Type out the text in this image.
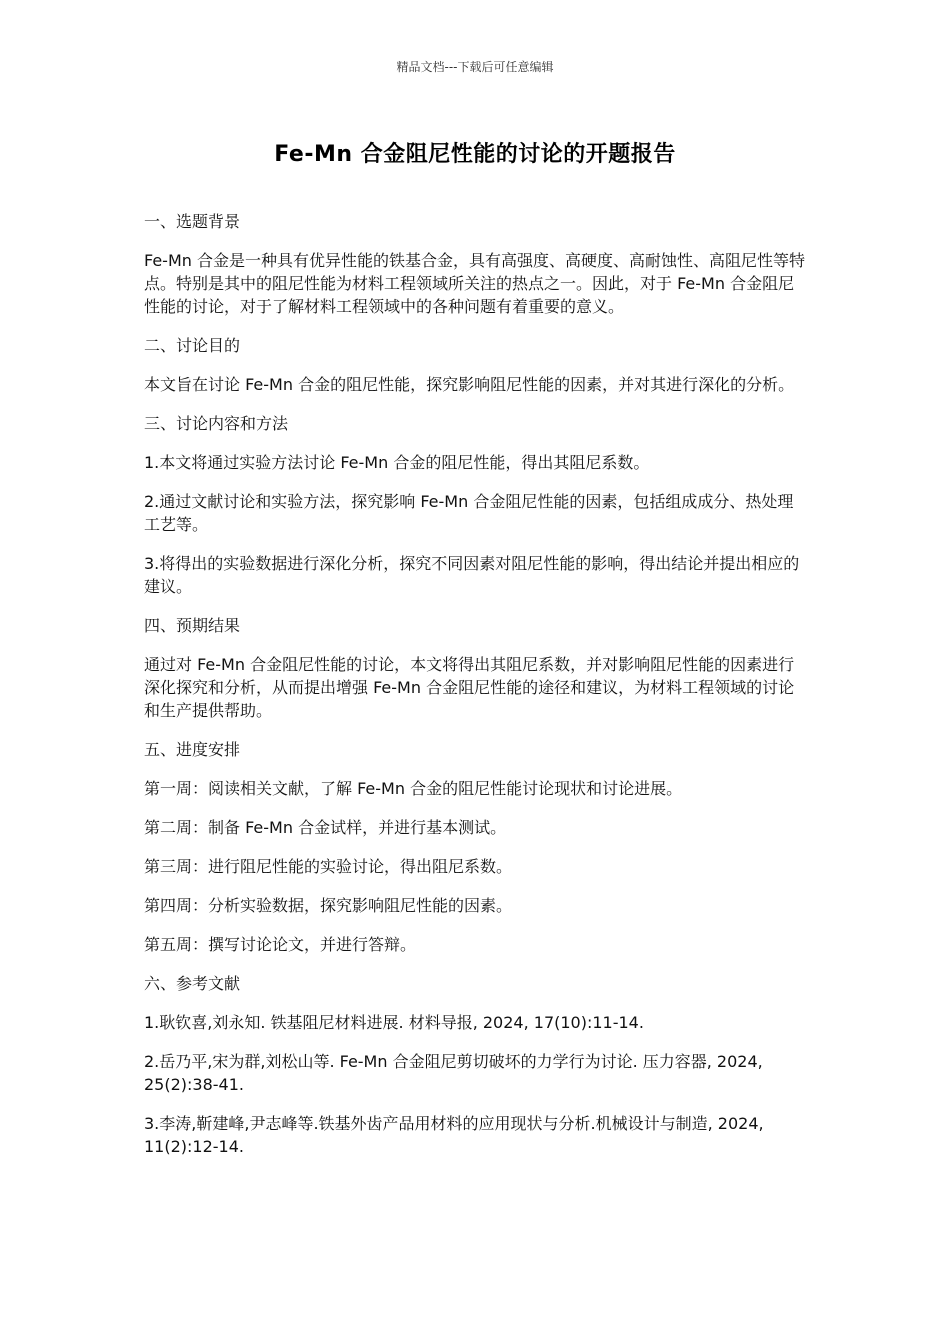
精品文档---下载后可任意编辑
Fe-Mn 合金阻尼性能的讨论的开题报告

一、选题背景

Fe-Mn 合金是一种具有优异性能的铁基合金，具有高强度、高硬度、高耐蚀性、高阻尼性等特点。特别是其中的阻尼性能为材料工程领域所关注的热点之一。因此，对于 Fe-Mn 合金阻尼性能的讨论，对于了解材料工程领域中的各种问题有着重要的意义。

二、讨论目的

本文旨在讨论 Fe-Mn 合金的阻尼性能，探究影响阻尼性能的因素，并对其进行深化的分析。

三、讨论内容和方法

1.本文将通过实验方法讨论 Fe-Mn 合金的阻尼性能，得出其阻尼系数。

2.通过文献讨论和实验方法，探究影响 Fe-Mn 合金阻尼性能的因素，包括组成成分、热处理工艺等。

3.将得出的实验数据进行深化分析，探究不同因素对阻尼性能的影响，得出结论并提出相应的建议。

四、预期结果

通过对 Fe-Mn 合金阻尼性能的讨论，本文将得出其阻尼系数，并对影响阻尼性能的因素进行深化探究和分析，从而提出增强 Fe-Mn 合金阻尼性能的途径和建议，为材料工程领域的讨论和生产提供帮助。

五、进度安排

第一周：阅读相关文献，了解 Fe-Mn 合金的阻尼性能讨论现状和讨论进展。

第二周：制备 Fe-Mn 合金试样，并进行基本测试。

第三周：进行阻尼性能的实验讨论，得出阻尼系数。

第四周：分析实验数据，探究影响阻尼性能的因素。

第五周：撰写讨论论文，并进行答辩。

六、参考文献

1.耿钦喜,刘永知. 铁基阻尼材料进展. 材料导报, 2024, 17(10):11-14.

2.岳乃平,宋为群,刘松山等. Fe-Mn 合金阻尼剪切破坏的力学行为讨论. 压力容器, 2024, 25(2):38-41.

3.李涛,靳建峰,尹志峰等.铁基外齿产品用材料的应用现状与分析.机械设计与制造, 2024, 11(2):12-14.
